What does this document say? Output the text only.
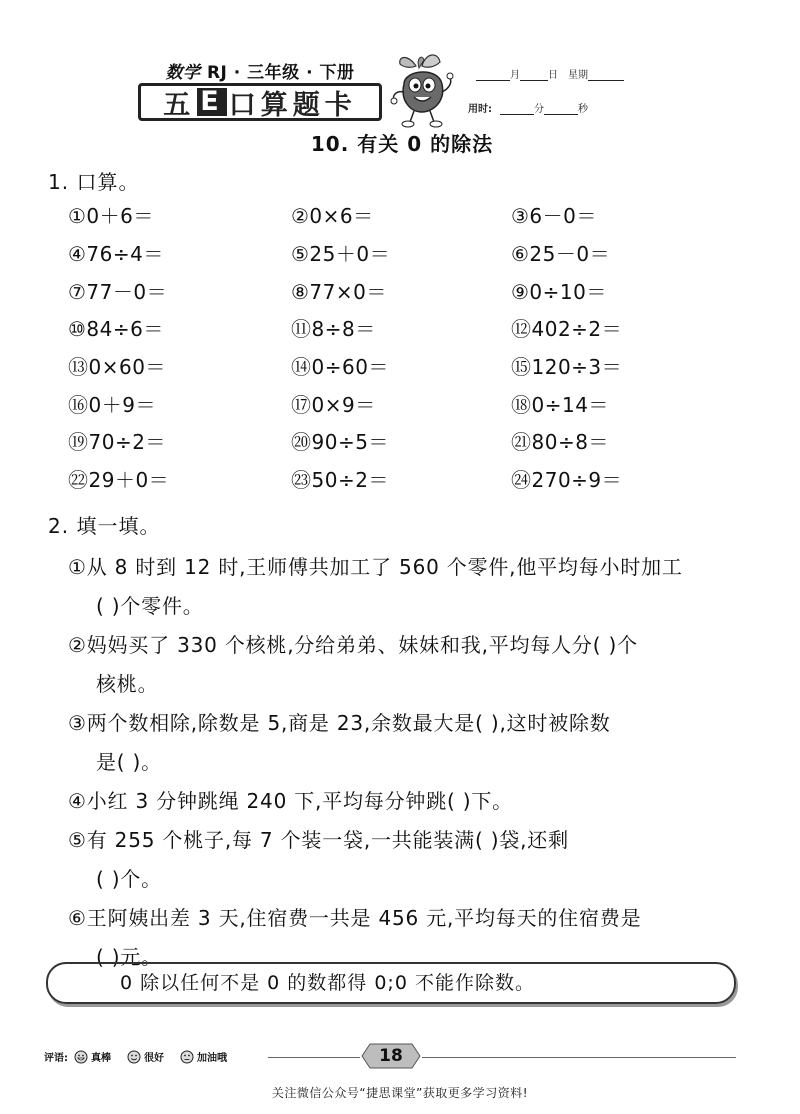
数学 RJ · 三年级 · 下册
五 E 口算题卡
月	日 星期
用时:	分	秒
10. 有关 0 的除法
1. 口算。
①0＋6＝	②0×6＝	③6－0＝
④76÷4＝	⑤25＋0＝	⑥25－0＝
⑦77－0＝	⑧77×0＝	⑨0÷10＝
⑩84÷6＝	⑪8÷8＝	⑫402÷2＝
⑬0×60＝	⑭0÷60＝	⑮120÷3＝
⑯0＋9＝	⑰0×9＝	⑱0÷14＝
⑲70÷2＝	⑳90÷5＝	㉑80÷8＝
㉒29＋0＝	㉓50÷2＝	㉔270÷9＝
2. 填一填。
①从 8 时到 12 时,王师傅共加工了 560 个零件,他平均每小时加工
( )个零件。
②妈妈买了 330 个核桃,分给弟弟、妹妹和我,平均每人分( )个
核桃。
③两个数相除,除数是 5,商是 23,余数最大是( ),这时被除数
是( )。
④小红 3 分钟跳绳 240 下,平均每分钟跳( )下。
⑤有 255 个桃子,每 7 个装一袋,一共能装满( )袋,还剩
( )个。
⑥王阿姨出差 3 天,住宿费一共是 456 元,平均每天的住宿费是
( )元。
0 除以任何不是 0 的数都得 0;0 不能作除数。
评语: 真棒	很好	加油哦	18
关注微信公众号“捷思课堂”获取更多学习资料!
